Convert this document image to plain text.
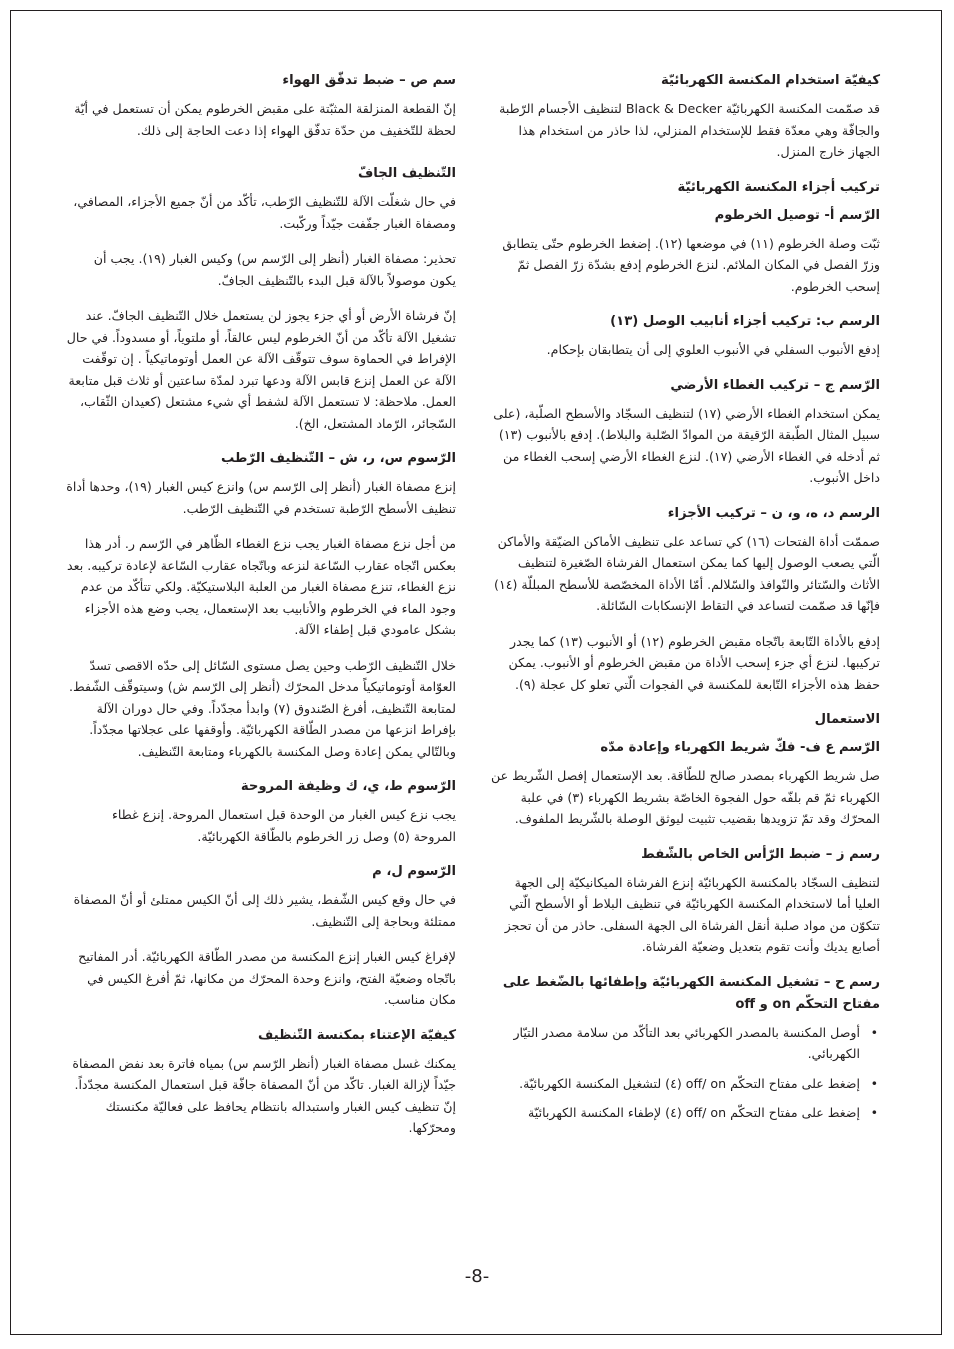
كيفيّة استخدام المكنسة الكهربائيّة

قد صمّمت المكنسة الكهربائيّة Black & Decker لتنظيف الأجسام الرّطبة والجافّة وهي معدّة فقط للإستخدام المنزلي، لذا حاذر من استخدام هذا الجهاز خارج المنزل.

تركيب أجزاء المكنسة الكهربائيّة
الرّسم أ- توصيل الخرطوم

ثبّت وصلة الخرطوم (١١) في موضعها (١٢). إضغط الخرطوم حتّى يتطابق وزرّ الفصل في المكان الملائم. لنزع الخرطوم إدفع بشدّة زرّ الفصل ثمّ إسحب الخرطوم.

الرسم ب: تركيب أجزاء أنابيب الوصل (١٣)

إدفع الأنبوب السفلي في الأنبوب العلوي إلى أن يتطابقان بإحكام.

الرّسم ج – تركيب الغطاء الأرضي

يمكن استخدام الغطاء الأرضي (١٧) لتنظيف السجّاد والأسطح الصلّبة، (على سبيل المثال الطّبقة الرّقيقة من الموادّ الصّلبة والبلاط). إدفع بالأنبوب (١٣) ثم أدخله في الغطاء الأرضي (١٧). لنزع الغطاء الأرضي إسحب الغطاء من داخل الأنبوب.

الرسم د، ه، و، ن – تركيب الأجزاء

صممّت أداة الفتحات (١٦) كي تساعد على تنظيف الأماكن الضيّقة والأماكن الّتي يصعب الوصول إليها كما يمكن استعمال الفرشاة الصّغيرة لتنظيف الأثاث والسّتائر والنّوافذ والسّلالم. أمّا الأداة المخصّصة للأسطح المبللّة (١٤) فإنّها قد صمّمت لتساعد في التقاط الإنسكابات السّائلة.

إدفع بالأداة التّابعة باتّجاه مقبض الخرطوم (١٢) أو الأنبوب (١٣) كما يجدر تركيبها. لنزع أي جزء إسحب الأداة من مقبض الخرطوم أو الأنبوب. يمكن حفظ هذه الأجزاء التّابعة للمكنسة في الفجوات الّتي تعلو كل عجلة (٩).

الاستعمال
الرّسم ع ف- فكّ شريط الكهرباء وإعادة مدّه

صل شريط الكهرباء بمصدر صالح للطّاقة. بعد الإستعمال إفصل الشّريط عن الكهرباء ثمّ قم بلفّه حول الفجوة الخاصّة بشريط الكهرباء (٣) في علبة المحرّك وقد تمّ تزويدها بقضيب تثبيت ليوثق الوصلة بالشّريط الملفوف.

رسم ز – ضبط الرّأس الخاص بالشّفط

لتنظيف السجّاد بالمكنسة الكهربائيّة إنزع الفرشاة الميكانيكيّة إلى الجهة العليا أما لاستخدام المكنسة الكهربائيّة في تنظيف البلاط أو الأسطح الّتي تتكوّن من مواد صلبة أنقل الفرشاة الى الجهة السفلى. حاذر من أن تحجز أصابع يديك وأنت تقوم بتعديل وضعيّة الفرشاة.

رسم ح – تشغيل المكنسة الكهربائيّة وإطفائها بالضّغط على مفتاح التحكّم on و off
• أوصل المكنسة بالمصدر الكهربائي بعد التأكّد من سلامة مصدر التيّار الكهربائي.
• إضغط على مفتاح التحكّم off/ on (٤) لتشغيل المكنسة الكهربائيّة.
• إضغط على مفتاح التحكّم off/ on (٤) لإطفاء المكنسة الكهربائيّة
سم ص – ضبط تدفّق الهواء

إنّ القطعة المنزلقة المثبّتة على مقبض الخرطوم يمكن أن تستعمل في أيّة لحظة للتّخفيف من حدّة تدفّق الهواء إذا دعت الحاجة إلى ذلك.

التّنظيف الجافّ

في حال شغلّت الآلة للتّنظيف الرّطب، تأكّد من أنّ جميع الأجزاء، المصافي، ومصفاة الغبار جفّفت جيّداً وركّبت.

تحذير: مصفاة الغبار (أنظر إلى الرّسم س) وكيس الغبار (١٩). يجب أن يكون موصولاً بالآلة قبل البدء بالتّنظيف الجافّ.

إنّ فرشاة الأرض أو أي جزء يجوز لن يستعمل خلال التّنظيف الجافّ. عند تشغيل الآلة تأكّد من أنّ الخرطوم ليس عالقاً، أو ملتوياً، أو مسدوداً. في حال الإفراط في الحماوة سوف تتوقّف الآلة عن العمل أوتوماتيكياً . إن توقّفت الآلة عن العمل إنزع قابس الآلة ودعها تبرد لمدّة ساعتين أو ثلاث قبل متابعة العمل. ملاحظة: لا تستعمل الآلة لشفط أي شيء مشتعل (كعيدان الثّقاب، السّجائر، الرّماد المشتعل، الخ).

الرّسوم س، ر، ش – التّنظيف الرّطب

إنزع مصفاة الغبار (أنظر إلى الرّسم س) وانزع كيس الغبار (١٩)، وحدها أداة تنظيف الأسطح الرّطبة تستخدم في التّنظيف الرّطب.

من أجل نزع مصفاة الغبار يجب نزع الغطاء الظّاهر في الرّسم ر. أدر هذا بعكس اتّجاه عقارب السّاعة لنزعه وباتّجاه عقارب السّاعة لإعادة تركيبه. بعد نزع الغطاء، تنزع مصفاة الغبار من العلبة البلاستيكيّة. ولكي تتأكّد من عدم وجود الماء في الخرطوم والأنابيب بعد الإستعمال، يجب وضع هذه الأجزاء بشكل عامودي قبل إطفاء الآلة.

خلال التّنظيف الرّطب وحين يصل مستوى السّائل إلى حدّه الاقصى تسدّ العوّامة أوتوماتيكياً مدخل المحرّك (أنظر إلى الرّسم ش) وسيتوقّف الشّفط. لمتابعة التّنظيف، أفرغ الصّندوق (٧) وابدأ مجدّداً. وفي حال دوران الآلة بإفراط انزعها من مصدر الطّاقة الكهربائيّة. وأوقفها على عجلاتها مجدّداً. وبالتّالي يمكن إعادة وصل المكنسة بالكهرباء ومتابعة التّنظيف.

الرّسوم ط، ي، ك وظيفة المروحة

يجب نزع كيس الغبار من الوحدة قبل استعمال المروحة. إنزع غطاء المروحة (٥) وصل زر الخرطوم بالطّاقة الكهربائيّة.

الرّسوم ل، م

في حال وقع كيس الشّفط، يشير ذلك إلى أنّ الكيس ممتلئ أو أنّ المصفاة ممتلئة وبحاجة إلى التّنظيف.

لإفراغ كيس الغبار إنزع المكنسة من مصدر الطّاقة الكهربائيّة. أدر المفاتيح باتّجاه وضعيّة الفتح، وانزع وحدة المحرّك من مكانها، ثمّ أفرغ الكيس في مكان مناسب.

كيفيّة الإعتناء بمكنسة التّنظيف

يمكنك غسل مصفاة الغبار (أنظر الرّسم س) بمياه فاترة بعد نفض المصفاة جيّداً لإزالة الغبار. تاكّد من أنّ المصفاة جافّة قبل استعمال المكنسة مجدّداً. إنّ تنظيف كيس الغبار واستبداله بانتظام يحافظ على فعاليّة مكنستك ومحرّكها.

-8-
